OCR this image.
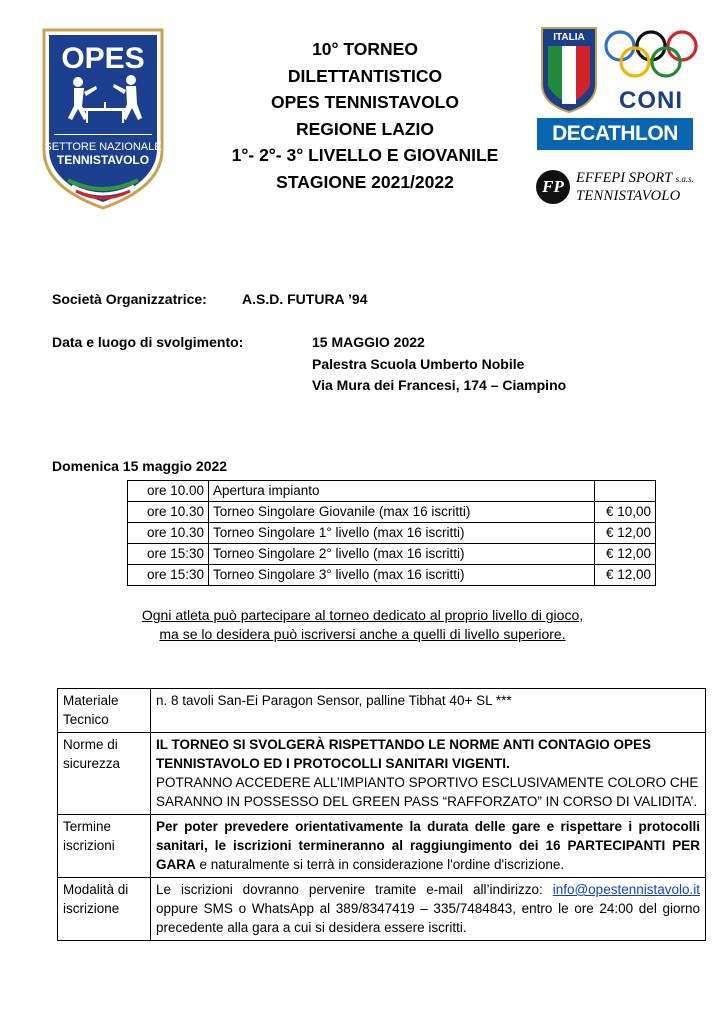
OPES
SETTORE NAZIONALE
TENNISTAVOLO
10° TORNEO
DILETTANTISTICO
OPES TENNISTAVOLO
REGIONE LAZIO
1°- 2°- 3° LIVELLO E GIOVANILE
STAGIONE 2021/2022
ITALIA
CONI
DECATHLON
FP EFFEPI SPORT s.a.s.
TENNISTAVOLO
Società Organizzatrice:	A.S.D. FUTURA ’94
Data e luogo di svolgimento:	15 MAGGIO 2022
Palestra Scuola Umberto Nobile
Via Mura dei Francesi, 174 – Ciampino
Domenica 15 maggio 2022
ore 10.00	Apertura impianto	
ore 10.30	Torneo Singolare Giovanile (max 16 iscritti)	€ 10,00
ore 10.30	Torneo Singolare 1° livello (max 16 iscritti)	€ 12,00
ore 15:30	Torneo Singolare 2° livello (max 16 iscritti)	€ 12,00
ore 15:30	Torneo Singolare 3° livello (max 16 iscritti)	€ 12,00
Ogni atleta può partecipare al torneo dedicato al proprio livello di gioco,
ma se lo desidera può iscriversi anche a quelli di livello superiore.
Materiale Tecnico	n. 8 tavoli San-Ei Paragon Sensor, palline Tibhat 40+ SL ***
Norme di sicurezza	IL TORNEO SI SVOLGERÀ RISPETTANDO LE NORME ANTI CONTAGIO OPES TENNISTAVOLO ED I PROTOCOLLI SANITARI VIGENTI.
POTRANNO ACCEDERE ALL’IMPIANTO SPORTIVO ESCLUSIVAMENTE COLORO CHE SARANNO IN POSSESSO DEL GREEN PASS “RAFFORZATO” IN CORSO DI VALIDITA’.
Termine iscrizioni	Per poter prevedere orientativamente la durata delle gare e rispettare i protocolli sanitari, le iscrizioni termineranno al raggiungimento dei 16 PARTECIPANTI PER GARA e naturalmente si terrà in considerazione l'ordine d'iscrizione.
Modalità di iscrizione	Le iscrizioni dovranno pervenire tramite e-mail all’indirizzo: info@opestennistavolo.it oppure SMS o WhatsApp al 389/8347419 – 335/7484843, entro le ore 24:00 del giorno precedente alla gara a cui si desidera essere iscritti.
